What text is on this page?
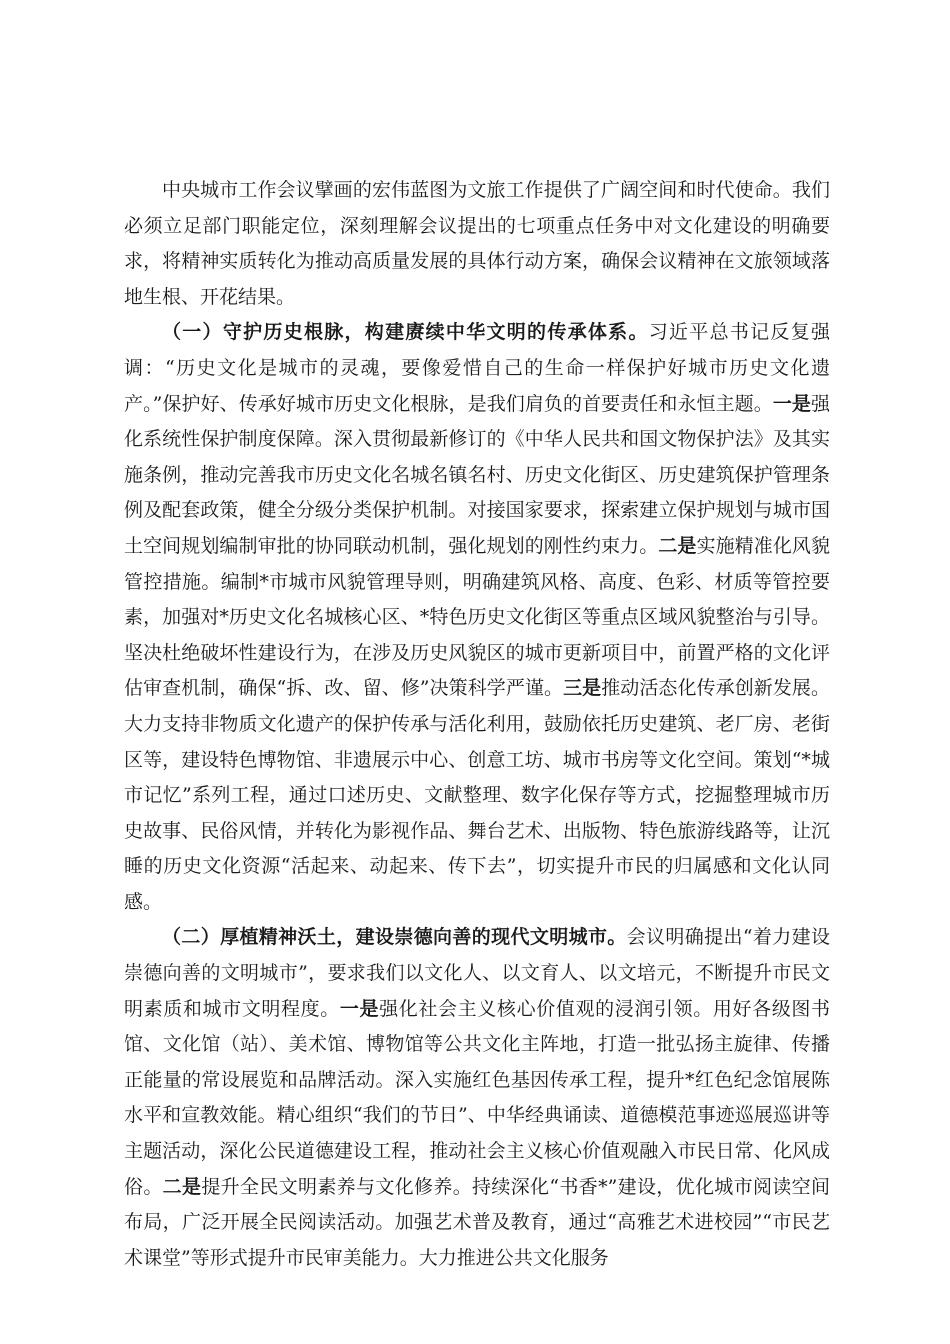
中央城市工作会议擘画的宏伟蓝图为文旅工作提供了广阔空间和时代使命。我们必须立足部门职能定位，深刻理解会议提出的七项重点任务中对文化建设的明确要求，将精神实质转化为推动高质量发展的具体行动方案，确保会议精神在文旅领域落地生根、开花结果。

（一）守护历史根脉，构建赓续中华文明的传承体系。习近平总书记反复强调：“历史文化是城市的灵魂，要像爱惜自己的生命一样保护好城市历史文化遗产。”保护好、传承好城市历史文化根脉，是我们肩负的首要责任和永恒主题。一是强化系统性保护制度保障。深入贯彻最新修订的《中华人民共和国文物保护法》及其实施条例，推动完善我市历史文化名城名镇名村、历史文化街区、历史建筑保护管理条例及配套政策，健全分级分类保护机制。对接国家要求，探索建立保护规划与城市国土空间规划编制审批的协同联动机制，强化规划的刚性约束力。二是实施精准化风貌管控措施。编制*市城市风貌管理导则，明确建筑风格、高度、色彩、材质等管控要素，加强对*历史文化名城核心区、*特色历史文化街区等重点区域风貌整治与引导。坚决杜绝破坏性建设行为，在涉及历史风貌区的城市更新项目中，前置严格的文化评估审查机制，确保“拆、改、留、修”决策科学严谨。三是推动活态化传承创新发展。大力支持非物质文化遗产的保护传承与活化利用，鼓励依托历史建筑、老厂房、老街区等，建设特色博物馆、非遗展示中心、创意工坊、城市书房等文化空间。策划“*城市记忆”系列工程，通过口述历史、文献整理、数字化保存等方式，挖掘整理城市历史故事、民俗风情，并转化为影视作品、舞台艺术、出版物、特色旅游线路等，让沉睡的历史文化资源“活起来、动起来、传下去”，切实提升市民的归属感和文化认同感。

（二）厚植精神沃土，建设崇德向善的现代文明城市。会议明确提出“着力建设崇德向善的文明城市”，要求我们以文化人、以文育人、以文培元，不断提升市民文明素质和城市文明程度。一是强化社会主义核心价值观的浸润引领。用好各级图书馆、文化馆（站）、美术馆、博物馆等公共文化主阵地，打造一批弘扬主旋律、传播正能量的常设展览和品牌活动。深入实施红色基因传承工程，提升*红色纪念馆展陈水平和宣教效能。精心组织“我们的节日”、中华经典诵读、道德模范事迹巡展巡讲等主题活动，深化公民道德建设工程，推动社会主义核心价值观融入市民日常、化风成俗。二是提升全民文明素养与文化修养。持续深化“书香*”建设，优化城市阅读空间布局，广泛开展全民阅读活动。加强艺术普及教育，通过“高雅艺术进校园”“市民艺术课堂”等形式提升市民审美能力。大力推进公共文化服务
